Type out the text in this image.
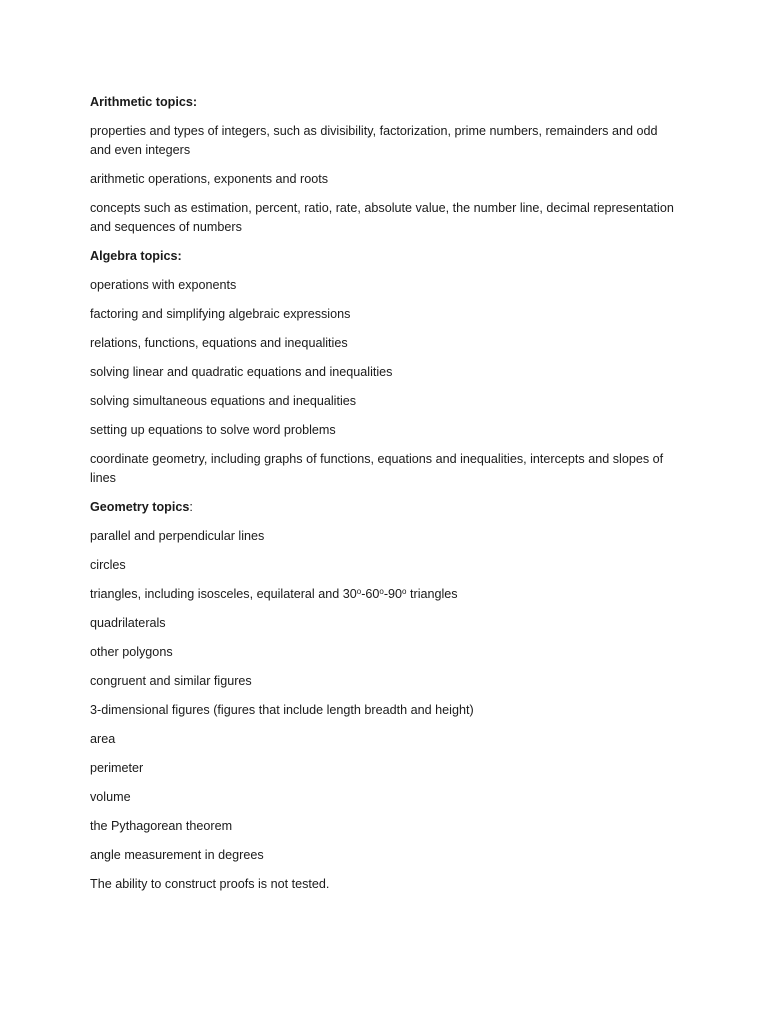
Arithmetic topics:

properties and types of integers, such as divisibility, factorization, prime numbers, remainders and odd and even integers

arithmetic operations, exponents and roots

concepts such as estimation, percent, ratio, rate, absolute value, the number line, decimal representation and sequences of numbers

Algebra topics:

operations with exponents

factoring and simplifying algebraic expressions

relations, functions, equations and inequalities

solving linear and quadratic equations and inequalities

solving simultaneous equations and inequalities

setting up equations to solve word problems

coordinate geometry, including graphs of functions, equations and inequalities, intercepts and slopes of lines

Geometry topics:

parallel and perpendicular lines

circles

triangles, including isosceles, equilateral and 30$^o$-60$^o$-90$^o$ triangles

quadrilaterals

other polygons

congruent and similar figures

3-dimensional figures (figures that include length breadth and height)

area

perimeter

volume

the Pythagorean theorem

angle measurement in degrees

The ability to construct proofs is not tested.
